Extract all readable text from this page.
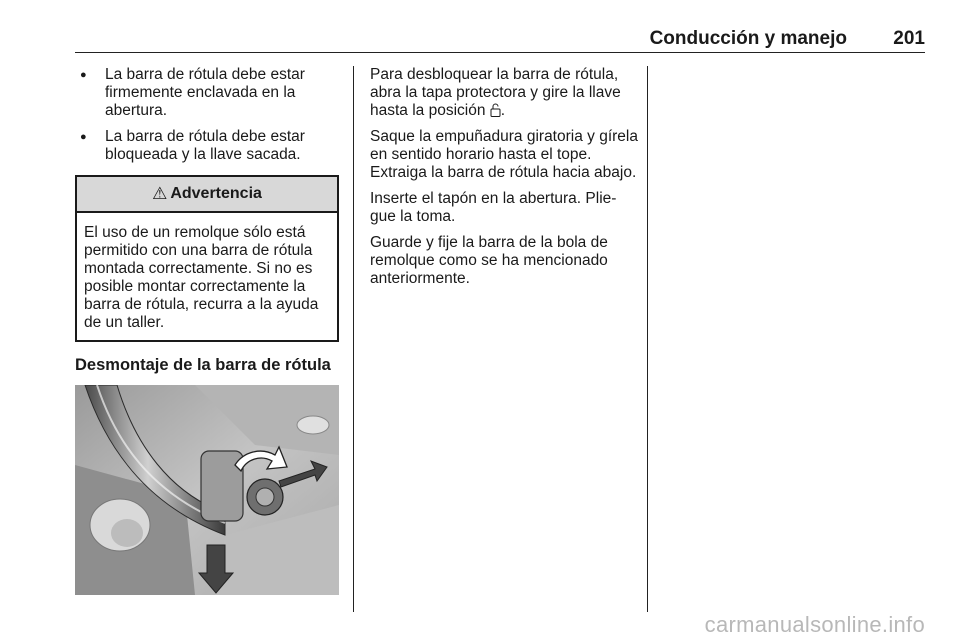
Conducción y manejo 201
● La barra de rótula debe estar firmemente enclavada en la abertura.
● La barra de rótula debe estar bloqueada y la llave sacada.
⚠ Advertencia
El uso de un remolque sólo está permitido con una barra de rótula montada correctamente. Si no es posible montar correctamente la barra de rótula, recurra a la ayuda de un taller.
Desmontaje de la barra de rótula

Para desbloquear la barra de rótula, abra la tapa protectora y gire la llave hasta la posición .

Saque la empuñadura giratoria y gírela en sentido horario hasta el tope. Extraiga la barra de rótula hacia abajo.

Inserte el tapón en la abertura. Plie- gue la toma.

Guarde y fije la barra de la bola de remolque como se ha mencionado anteriormente.

carmanualsonline.info
